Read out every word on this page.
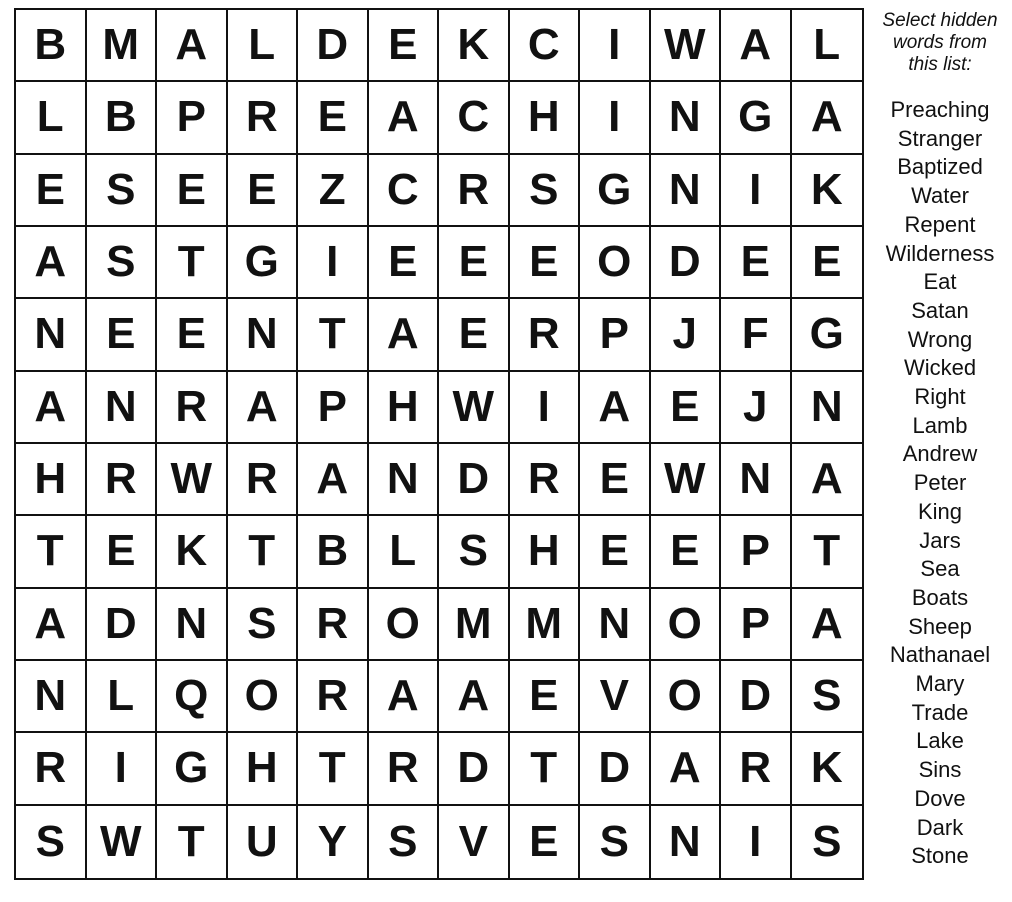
B M A L D E K C	I W A L
L B P R E A C H	I	N G A
E S E E Z C R S G N	I	K
A S T G	I	E E E O D E E
N E E N T A E R P J	F G
A N R A P H W I	A E J N
H R W R A N D R E W N A
T E K T B L S H E E P T
A D N S R O M M N O P A
N L Q O R A A E V O D S
R	I	G H T R D T D A R K
S W T U Y S V E S N	I	S

Select hidden
words from
this list:

Preaching
Stranger
Baptized
Water
Repent
Wilderness
Eat
Satan
Wrong
Wicked
Right
Lamb
Andrew
Peter
King
Jars
Sea
Boats
Sheep
Nathanael
Mary
Trade
Lake
Sins
Dove
Dark
Stone
